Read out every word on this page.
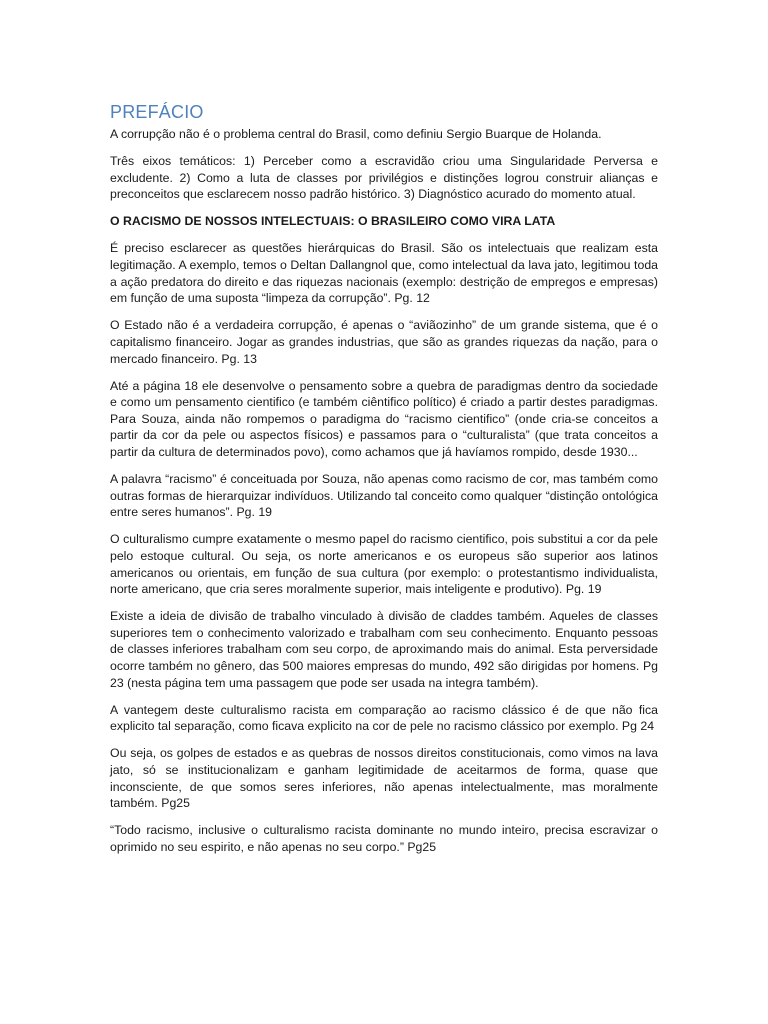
PREFÁCIO

A corrupção não é o problema central do Brasil, como definiu Sergio Buarque de Holanda.

Três eixos temáticos: 1) Perceber como a escravidão criou uma Singularidade Perversa e excludente. 2) Como a luta de classes por privilégios e distinções logrou construir alianças e preconceitos que esclarecem nosso padrão histórico. 3) Diagnóstico acurado do momento atual.

O RACISMO DE NOSSOS INTELECTUAIS: O BRASILEIRO COMO VIRA LATA

É preciso esclarecer as questões hierárquicas do Brasil. São os intelectuais que realizam esta legitimação. A exemplo, temos o Deltan Dallangnol que, como intelectual da lava jato, legitimou toda a ação predatora do direito e das riquezas nacionais (exemplo: destrição de empregos e empresas) em função de uma suposta “limpeza da corrupção”. Pg. 12

O Estado não é a verdadeira corrupção, é apenas o “aviãozinho” de um grande sistema, que é o capitalismo financeiro. Jogar as grandes industrias, que são as grandes riquezas da nação, para o mercado financeiro. Pg. 13

Até a página 18 ele desenvolve o pensamento sobre a quebra de paradigmas dentro da sociedade e como um pensamento cientifico (e também ciêntifico político) é criado a partir destes paradigmas. Para Souza, ainda não rompemos o paradigma do “racismo cientifico” (onde cria-se conceitos a partir da cor da pele ou aspectos físicos) e passamos para o “culturalista” (que trata conceitos a partir da cultura de determinados povo), como achamos que já havíamos rompido, desde 1930...

A palavra “racismo” é conceituada por Souza, não apenas como racismo de cor, mas também como outras formas de hierarquizar indivíduos. Utilizando tal conceito como qualquer “distinção ontológica entre seres humanos”. Pg. 19

O culturalismo cumpre exatamente o mesmo papel do racismo cientifico, pois substitui a cor da pele pelo estoque cultural. Ou seja, os norte americanos e os europeus são superior aos latinos americanos ou orientais, em função de sua cultura (por exemplo: o protestantismo individualista, norte americano, que cria seres moralmente superior, mais inteligente e produtivo). Pg. 19

Existe a ideia de divisão de trabalho vinculado à divisão de claddes também. Aqueles de classes superiores tem o conhecimento valorizado e trabalham com seu conhecimento. Enquanto pessoas de classes inferiores trabalham com seu corpo, de aproximando mais do animal. Esta perversidade ocorre também no gênero, das 500 maiores empresas do mundo, 492 são dirigidas por homens. Pg 23 (nesta página tem uma passagem que pode ser usada na integra também).

A vantegem deste culturalismo racista em comparação ao racismo clássico é de que não fica explicito tal separação, como ficava explicito na cor de pele no racismo clássico por exemplo. Pg 24

Ou seja, os golpes de estados e as quebras de nossos direitos constitucionais, como vimos na lava jato, só se institucionalizam e ganham legitimidade de aceitarmos de forma, quase que inconsciente, de que somos seres inferiores, não apenas intelectualmente, mas moralmente também. Pg25

“Todo racismo, inclusive o culturalismo racista dominante no mundo inteiro, precisa escravizar o oprimido no seu espirito, e não apenas no seu corpo.” Pg25
